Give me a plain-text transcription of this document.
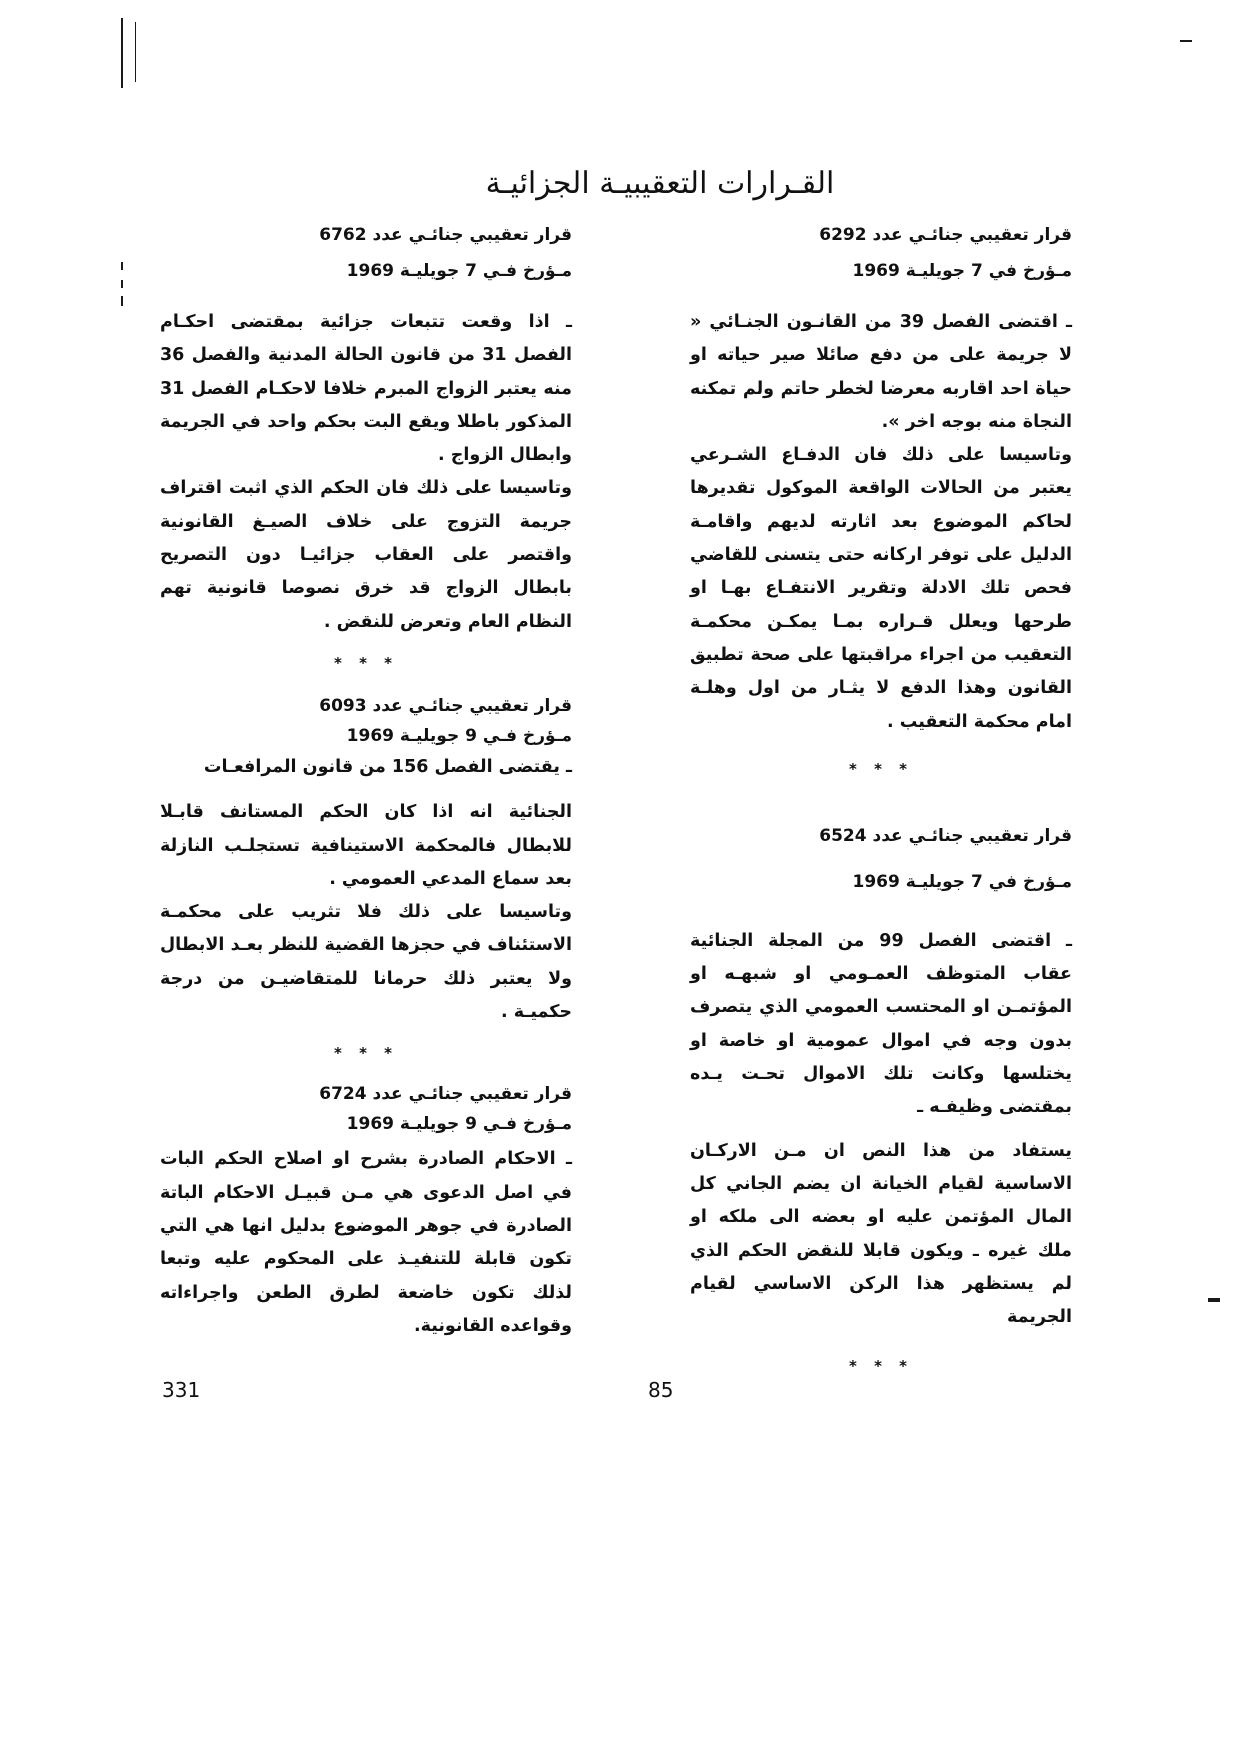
القـرارات التعقيبيـة الجزائيـة
قرار تعقيبي جنائـي عدد 6292
مـؤرخ في 7 جويليـة 1969

ـ اقتضى الفصل 39 من القانـون الجنـائي « لا جريمة على من دفع صائلا صير حياته او حياة احد اقاربه معرضا لخطر حاتم ولم تمكنه النجاة منه بوجه اخر ».

وتاسيسا على ذلك فان الدفـاع الشـرعي يعتبر من الحالات الواقعة الموكول تقديرها لحاكم الموضوع بعد اثارته لديهم واقامـة الدليل على توفر اركانه حتى يتسنى للقاضي فحص تلك الادلة وتقرير الانتفـاع بهـا او طرحها ويعلل قـراره بمـا يمكـن محكمـة التعقيب من اجراء مراقبتها على صحة تطبيق القانون وهذا الدفع لا يثـار من اول وهلـة امام محكمة التعقيب .

* * *
قرار تعقيبي جنائـي عدد 6524
مـؤرخ في 7 جويليـة 1969

ـ اقتضى الفصل 99 من المجلة الجنائية عقاب المتوظف العمـومي او شبهـه او المؤتمـن او المحتسب العمومي الذي يتصرف بدون وجه في اموال عمومية او خاصة او يختلسها وكانت تلك الاموال تحـت يـده بمقتضى وظيفـه ـ

يستفاد من هذا النص ان مـن الاركـان الاساسية لقيام الخيانة ان يضم الجاني كل المال المؤتمن عليه او بعضه الى ملكه او ملك غيره ـ ويكون قابلا للنقض الحكم الذي لم يستظهر هذا الركن الاساسي لقيام الجريمة

* * *
قرار تعقيبي جنائـي عدد 6762
مـؤرخ فـي 7 جويليـة 1969

ـ اذا وقعت تتبعات جزائية بمقتضى احكـام الفصل 31 من قانون الحالة المدنية والفصل 36 منه يعتبر الزواج المبرم خلافا لاحكـام الفصل 31 المذكور باطلا ويقع البت بحكم واحد في الجريمة وابطال الزواج .

وتاسيسا على ذلك فان الحكم الذي اثبت اقتراف جريمة التزوج على خلاف الصيـغ القانونية واقتصر على العقاب جزائيـا دون التصريح بابطال الزواج قد خرق نصوصا قانونية تهم النظام العام وتعرض للنقض .

* * *
قرار تعقيبي جنائـي عدد 6093
مـؤرخ فـي 9 جويليـة 1969

ـ يقتضى الفصل 156 من قانون المرافعـات

الجنائية انه اذا كان الحكم المستانف قابـلا للابطال فالمحكمة الاستينافية تستجلـب النازلة بعد سماع المدعي العمومي .

وتاسيسا على ذلك فلا تثريب على محكمـة الاستئناف في حجزها القضية للنظر بعـد الابطال ولا يعتبر ذلك حرمانا للمتقاضيـن من درجة حكميـة .

* * *
قرار تعقيبي جنائـي عدد 6724
مـؤرخ فـي 9 جويليـة 1969

ـ الاحكام الصادرة بشرح او اصلاح الحكم البات في اصل الدعوى هي مـن قبيـل الاحكام الباتة الصادرة في جوهر الموضوع بدليل انها هي التي تكون قابلة للتنفيـذ على المحكوم عليه وتبعا لذلك تكون خاضعة لطرق الطعن واجراءاته وقواعده القانونية.

331	85
